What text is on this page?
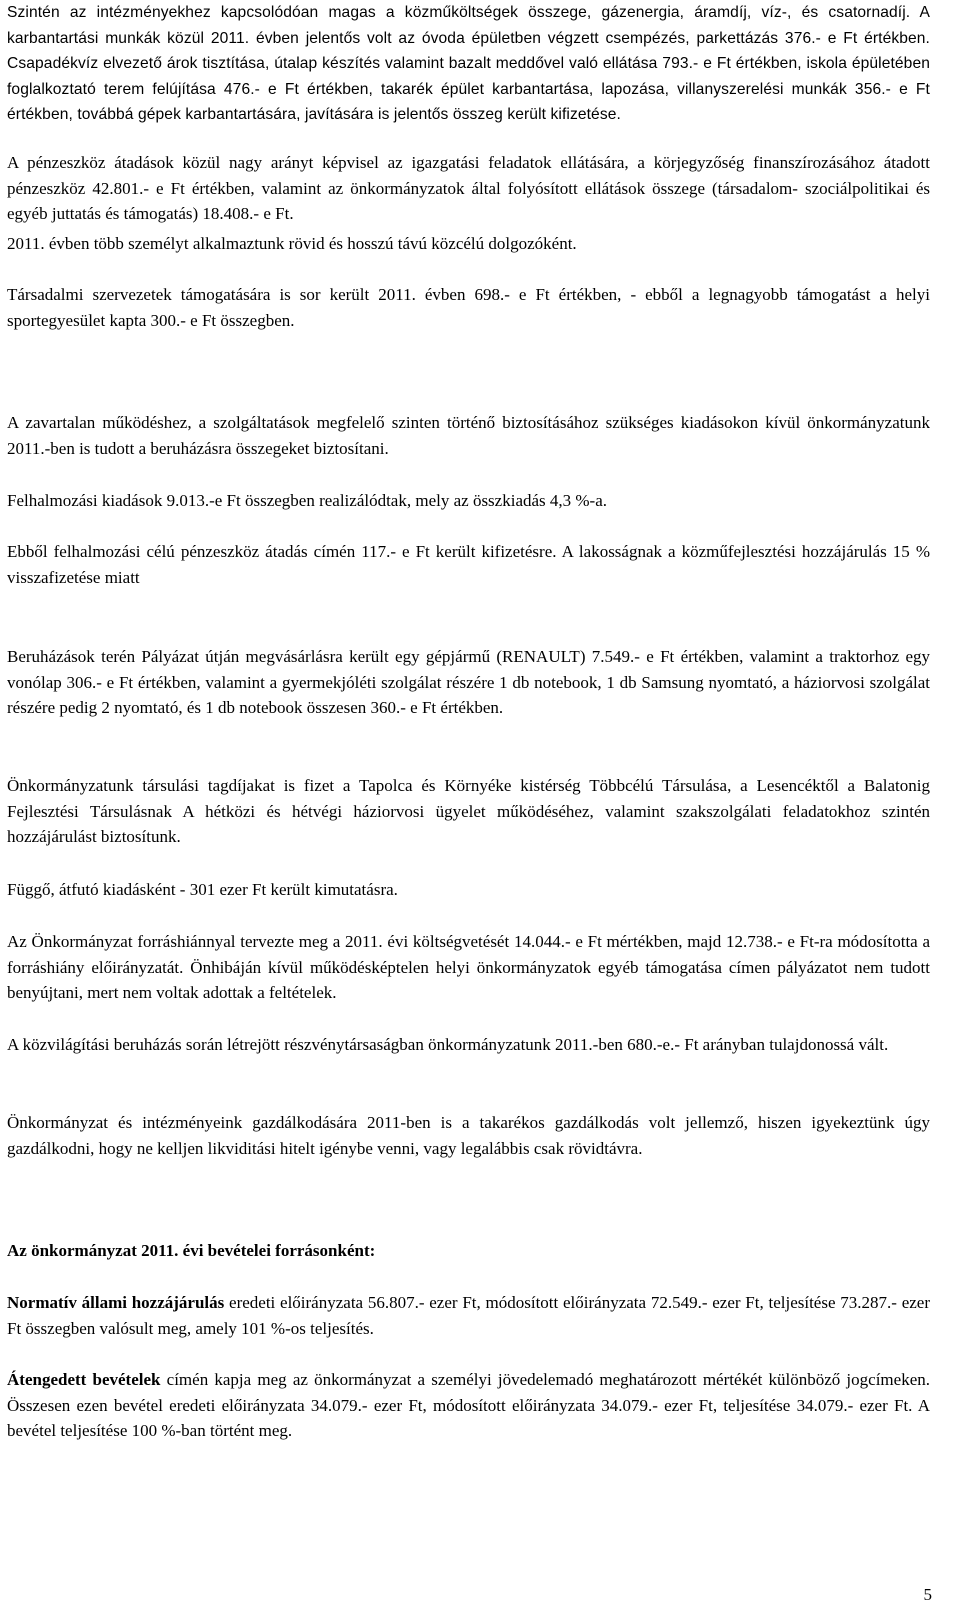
Szintén az intézményekhez kapcsolódóan magas a közműköltségek összege, gázenergia, áramdíj, víz-, és csatornadíj. A karbantartási munkák közül 2011. évben jelentős volt az óvoda épületben végzett csempézés, parkettázás 376.- e Ft értékben. Csapadékvíz elvezető árok tisztítása, útalap készítés valamint bazalt meddővel való ellátása 793.- e Ft értékben, iskola épületében foglalkoztató terem felújítása 476.- e Ft értékben, takarék épület karbantartása, lapozása, villanyszerelési munkák 356.- e Ft értékben, továbbá gépek karbantartására, javítására is jelentős összeg került kifizetése.

A pénzeszköz átadások közül nagy arányt képvisel az igazgatási feladatok ellátására, a körjegyzőség finanszírozásához átadott pénzeszköz 42.801.- e Ft értékben, valamint az önkormányzatok által folyósított ellátások összege (társadalom- szociálpolitikai és egyéb juttatás és támogatás) 18.408.- e Ft.

2011. évben több személyt alkalmaztunk rövid és hosszú távú közcélú dolgozóként.

Társadalmi szervezetek támogatására is sor került 2011. évben 698.- e Ft értékben, - ebből a legnagyobb támogatást a helyi sportegyesület kapta 300.- e Ft összegben.

A zavartalan működéshez, a szolgáltatások megfelelő szinten történő biztosításához szükséges kiadásokon kívül önkormányzatunk 2011.-ben is tudott a beruházásra összegeket biztosítani.

Felhalmozási kiadások 9.013.-e Ft összegben realizálódtak, mely az összkiadás 4,3 %-a.

Ebből felhalmozási célú pénzeszköz átadás címén 117.- e Ft került kifizetésre. A lakosságnak a közműfejlesztési hozzájárulás 15 % visszafizetése miatt

Beruházások terén Pályázat útján megvásárlásra került egy gépjármű (RENAULT) 7.549.- e Ft értékben, valamint a traktorhoz egy vonólap 306.- e Ft értékben, valamint a gyermekjóléti szolgálat részére 1 db notebook, 1 db Samsung nyomtató, a háziorvosi szolgálat részére pedig 2 nyomtató, és 1 db notebook összesen 360.- e Ft értékben.

Önkormányzatunk társulási tagdíjakat is fizet a Tapolca és Környéke kistérség Többcélú Társulása, a Lesencéktől a Balatonig Fejlesztési Társulásnak A hétközi és hétvégi háziorvosi ügyelet működéséhez, valamint szakszolgálati feladatokhoz szintén hozzájárulást biztosítunk.

Függő, átfutó kiadásként - 301 ezer Ft került kimutatásra.

Az Önkormányzat forráshiánnyal tervezte meg a 2011. évi költségvetését 14.044.- e Ft mértékben, majd 12.738.- e Ft-ra módosította a forráshiány előirányzatát. Önhibáján kívül működésképtelen helyi önkormányzatok egyéb támogatása címen pályázatot nem tudott benyújtani, mert nem voltak adottak a feltételek.

A közvilágítási beruházás során létrejött részvénytársaságban önkormányzatunk 2011.-ben 680.-e.- Ft arányban tulajdonossá vált.

Önkormányzat és intézményeink gazdálkodására 2011-ben is a takarékos gazdálkodás volt jellemző, hiszen igyekeztünk úgy gazdálkodni, hogy ne kelljen likviditási hitelt igénybe venni, vagy legalábbis csak rövidtávra.

Az önkormányzat 2011. évi bevételei forrásonként:

Normatív állami hozzájárulás eredeti előirányzata 56.807.- ezer Ft, módosított előirányzata 72.549.- ezer Ft, teljesítése 73.287.- ezer Ft összegben valósult meg, amely 101 %-os teljesítés.

Átengedett bevételek címén kapja meg az önkormányzat a személyi jövedelemadó meghatározott mértékét különböző jogcímeken. Összesen ezen bevétel eredeti előirányzata 34.079.- ezer Ft, módosított előirányzata 34.079.- ezer Ft, teljesítése 34.079.- ezer Ft. A bevétel teljesítése 100 %-ban történt meg.

5
